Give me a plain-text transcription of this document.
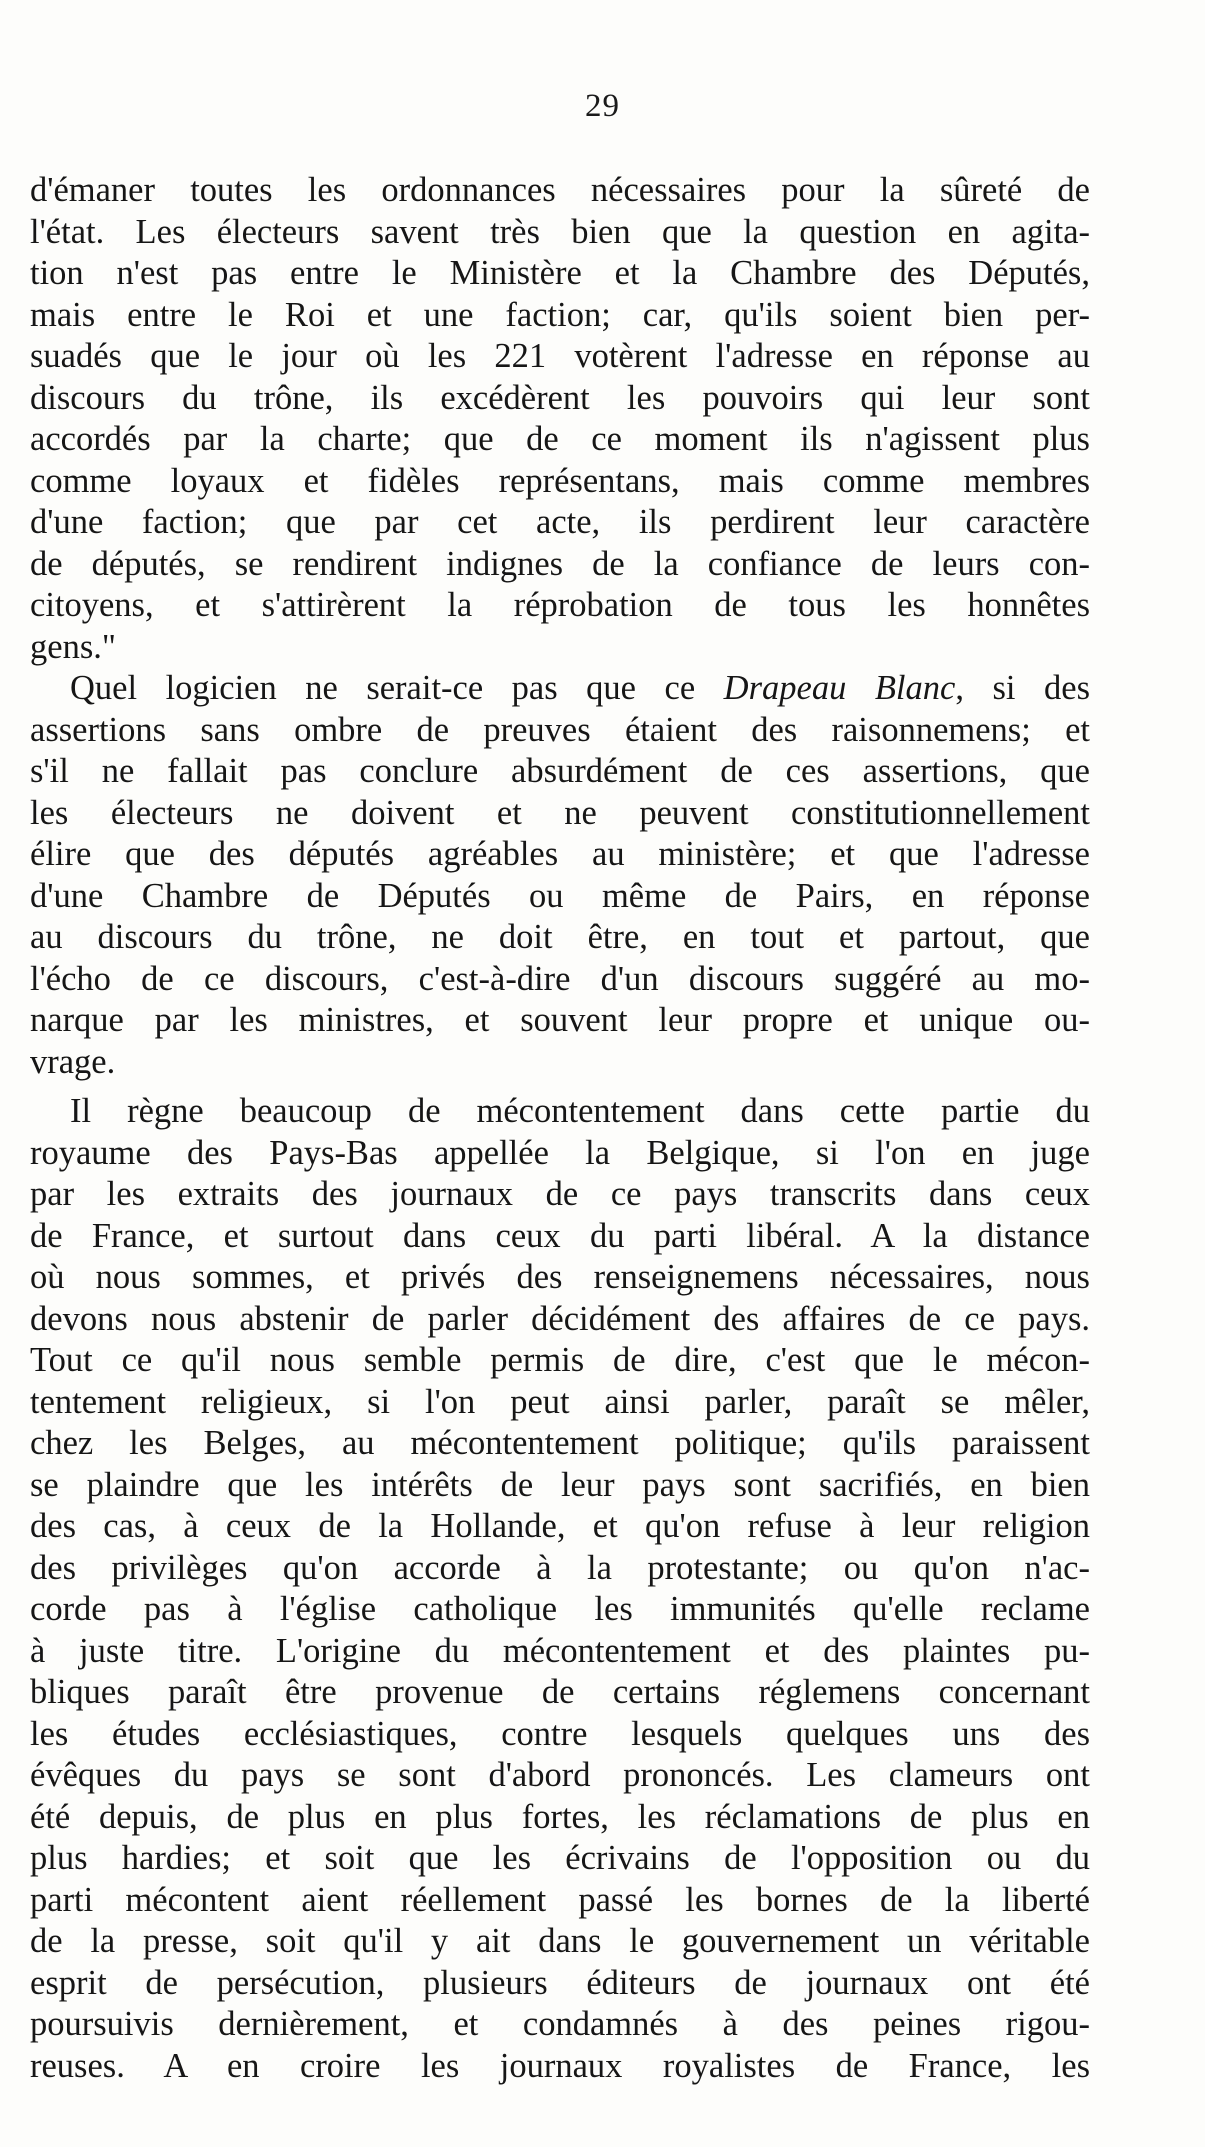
29
d'émaner toutes les ordonnances nécessaires pour la sûreté de
l'état. Les électeurs savent très bien que la question en agita-
tion n'est pas entre le Ministère et la Chambre des Députés,
mais entre le Roi et une faction; car, qu'ils soient bien per-
suadés que le jour où les 221 votèrent l'adresse en réponse au
discours du trône, ils excédèrent les pouvoirs qui leur sont
accordés par la charte; que de ce moment ils n'agissent plus
comme loyaux et fidèles représentans, mais comme membres
d'une faction; que par cet acte, ils perdirent leur caractère
de députés, se rendirent indignes de la confiance de leurs con-
citoyens, et s'attirèrent la réprobation de tous les honnêtes
gens."
Quel logicien ne serait-ce pas que ce Drapeau Blanc, si des
assertions sans ombre de preuves étaient des raisonnemens; et
s'il ne fallait pas conclure absurdément de ces assertions, que
les électeurs ne doivent et ne peuvent constitutionnellement
élire que des députés agréables au ministère; et que l'adresse
d'une Chambre de Députés ou même de Pairs, en réponse
au discours du trône, ne doit être, en tout et partout, que
l'écho de ce discours, c'est-à-dire d'un discours suggéré au mo-
narque par les ministres, et souvent leur propre et unique ou-
vrage.
Il règne beaucoup de mécontentement dans cette partie du
royaume des Pays-Bas appellée la Belgique, si l'on en juge
par les extraits des journaux de ce pays transcrits dans ceux
de France, et surtout dans ceux du parti libéral. A la distance
où nous sommes, et privés des renseignemens nécessaires, nous
devons nous abstenir de parler décidément des affaires de ce pays.
Tout ce qu'il nous semble permis de dire, c'est que le mécon-
tentement religieux, si l'on peut ainsi parler, paraît se mêler,
chez les Belges, au mécontentement politique; qu'ils paraissent
se plaindre que les intérêts de leur pays sont sacrifiés, en bien
des cas, à ceux de la Hollande, et qu'on refuse à leur religion
des privilèges qu'on accorde à la protestante; ou qu'on n'ac-
corde pas à l'église catholique les immunités qu'elle reclame
à juste titre. L'origine du mécontentement et des plaintes pu-
bliques paraît être provenue de certains réglemens concernant
les études ecclésiastiques, contre lesquels quelques uns des
évêques du pays se sont d'abord prononcés. Les clameurs ont
été depuis, de plus en plus fortes, les réclamations de plus en
plus hardies; et soit que les écrivains de l'opposition ou du
parti mécontent aient réellement passé les bornes de la liberté
de la presse, soit qu'il y ait dans le gouvernement un véritable
esprit de persécution, plusieurs éditeurs de journaux ont été
poursuivis dernièrement, et condamnés à des peines rigou-
reuses. A en croire les journaux royalistes de France, les
